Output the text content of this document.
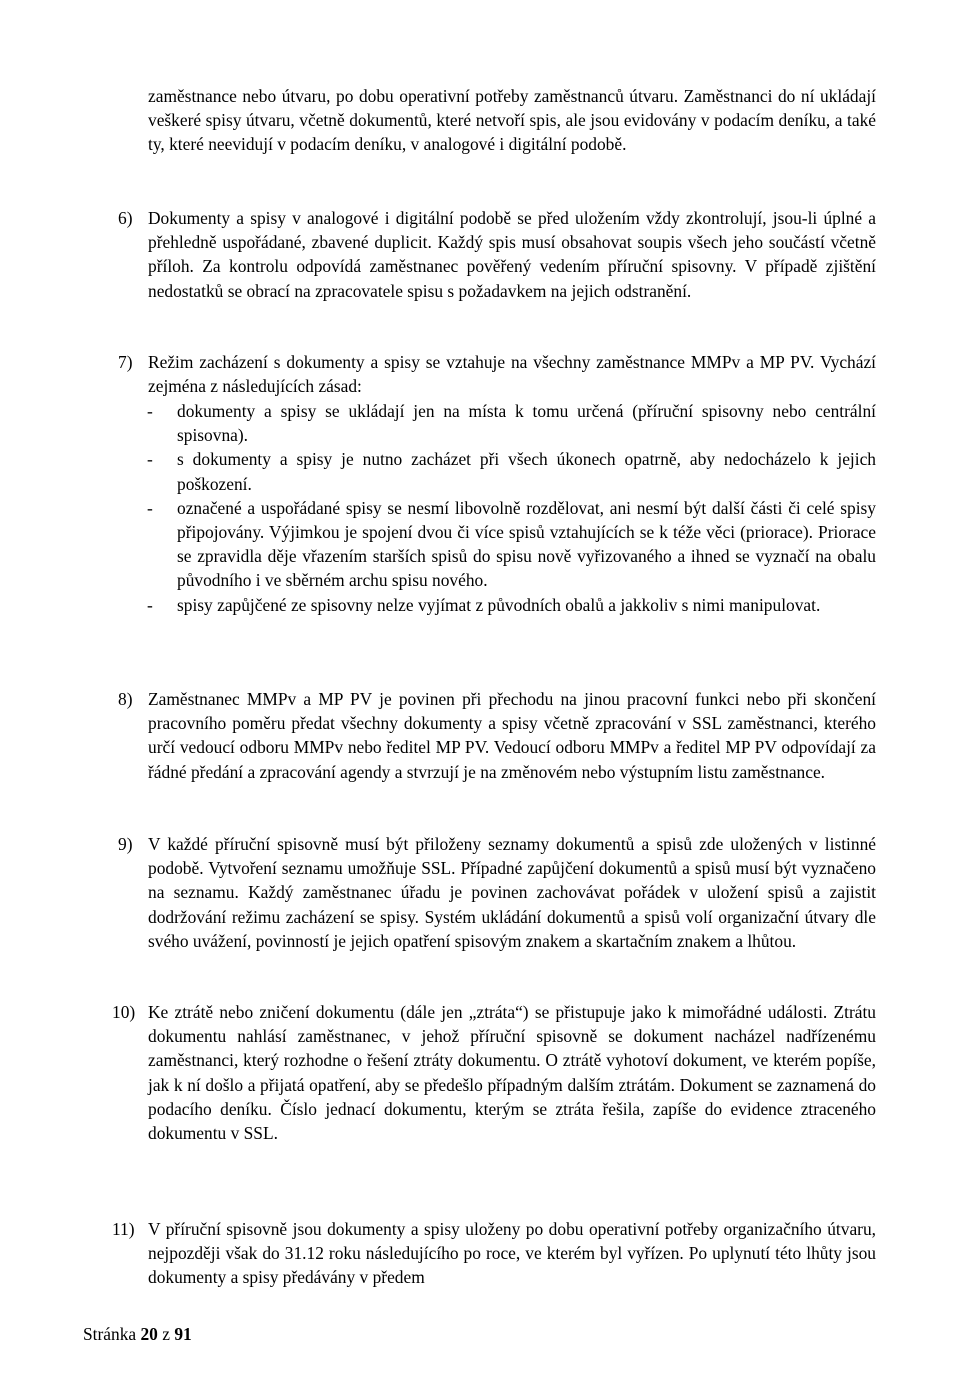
zaměstnance nebo útvaru, po dobu operativní potřeby zaměstnanců útvaru. Zaměstnanci do ní ukládají veškeré spisy útvaru, včetně dokumentů, které netvoří spis, ale jsou evidovány v podacím deníku, a také ty, které neevidují v podacím deníku, v analogové i digitální podobě.
6) Dokumenty a spisy v analogové i digitální podobě se před uložením vždy zkontrolují, jsou-li úplné a přehledně uspořádané, zbavené duplicit. Každý spis musí obsahovat soupis všech jeho součástí včetně příloh. Za kontrolu odpovídá zaměstnanec pověřený vedením příruční spisovny. V případě zjištění nedostatků se obrací na zpracovatele spisu s požadavkem na jejich odstranění.
7) Režim zacházení s dokumenty a spisy se vztahuje na všechny zaměstnance MMPv a MP PV. Vychází zejména z následujících zásad:
- dokumenty a spisy se ukládají jen na místa k tomu určená (příruční spisovny nebo centrální spisovna).
- s dokumenty a spisy je nutno zacházet při všech úkonech opatrně, aby nedocházelo k jejich poškození.
- označené a uspořádané spisy se nesmí libovolně rozdělovat, ani nesmí být další části či celé spisy připojovány. Výjimkou je spojení dvou či více spisů vztahujících se k téže věci (priorace). Priorace se zpravidla děje vřazením starších spisů do spisu nově vyřizovaného a ihned se vyznačí na obalu původního i ve sběrném archu spisu nového.
- spisy zapůjčené ze spisovny nelze vyjímat z původních obalů a jakkoliv s nimi manipulovat.
8) Zaměstnanec MMPv a MP PV je povinen při přechodu na jinou pracovní funkci nebo při skončení pracovního poměru předat všechny dokumenty a spisy včetně zpracování v SSL zaměstnanci, kterého určí vedoucí odboru MMPv nebo ředitel MP PV. Vedoucí odboru MMPv a ředitel MP PV odpovídají za řádné předání a zpracování agendy a stvrzují je na změnovém nebo výstupním listu zaměstnance.
9) V každé příruční spisovně musí být přiloženy seznamy dokumentů a spisů zde uložených v listinné podobě. Vytvoření seznamu umožňuje SSL. Případné zapůjčení dokumentů a spisů musí být vyznačeno na seznamu. Každý zaměstnanec úřadu je povinen zachovávat pořádek v uložení spisů a zajistit dodržování režimu zacházení se spisy. Systém ukládání dokumentů a spisů volí organizační útvary dle svého uvážení, povinností je jejich opatření spisovým znakem a skartačním znakem a lhůtou.
10) Ke ztrátě nebo zničení dokumentu (dále jen „ztráta“) se přistupuje jako k mimořádné události. Ztrátu dokumentu nahlásí zaměstnanec, v jehož příruční spisovně se dokument nacházel nadřízenému zaměstnanci, který rozhodne o řešení ztráty dokumentu. O ztrátě vyhotoví dokument, ve kterém popíše, jak k ní došlo a přijatá opatření, aby se předešlo případným dalším ztrátám. Dokument se zaznamená do podacího deníku. Číslo jednací dokumentu, kterým se ztráta řešila, zapíše do evidence ztraceného dokumentu v SSL.
11) V příruční spisovně jsou dokumenty a spisy uloženy po dobu operativní potřeby organizačního útvaru, nejpozději však do 31.12 roku následujícího po roce, ve kterém byl vyřízen. Po uplynutí této lhůty jsou dokumenty a spisy předávány v předem
Stránka 20 z 91
